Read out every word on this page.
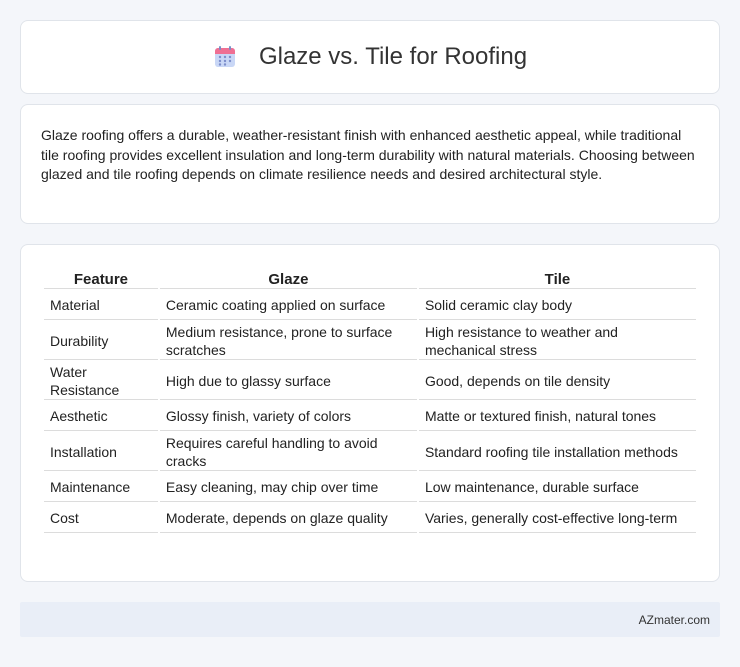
Glaze vs. Tile for Roofing

Glaze roofing offers a durable, weather-resistant finish with enhanced aesthetic appeal, while traditional tile roofing provides excellent insulation and long-term durability with natural materials. Choosing between glazed and tile roofing depends on climate resilience needs and desired architectural style.

Feature	Glaze	Tile
Material	Ceramic coating applied on surface	Solid ceramic clay body
Durability	Medium resistance, prone to surface scratches	High resistance to weather and mechanical stress
Water Resistance	High due to glassy surface	Good, depends on tile density
Aesthetic	Glossy finish, variety of colors	Matte or textured finish, natural tones
Installation	Requires careful handling to avoid cracks	Standard roofing tile installation methods
Maintenance	Easy cleaning, may chip over time	Low maintenance, durable surface
Cost	Moderate, depends on glaze quality	Varies, generally cost-effective long-term
AZmater.com
